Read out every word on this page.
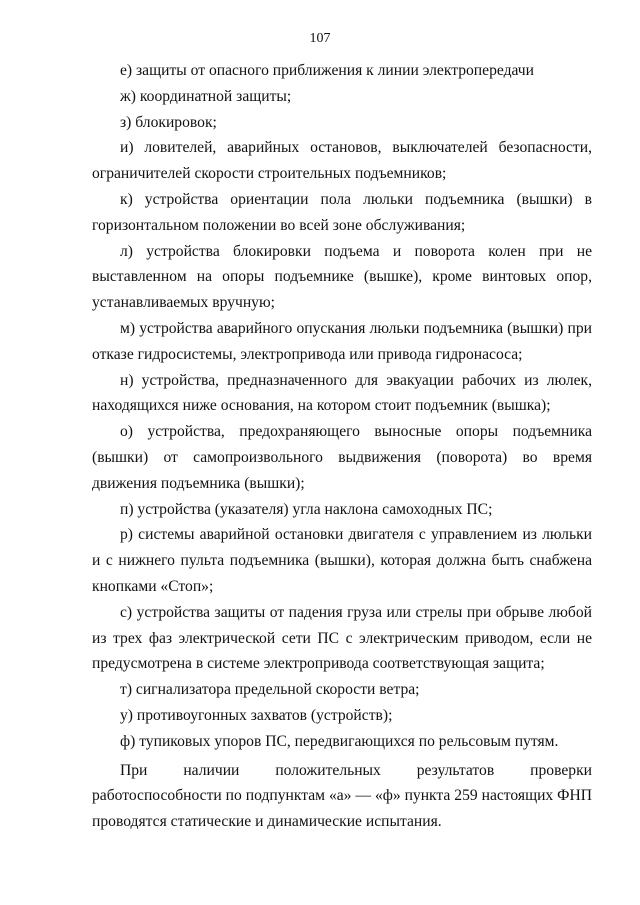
107

е) защиты от опасного приближения к линии электропередачи

ж) координатной защиты;

з) блокировок;

и) ловителей, аварийных остановов, выключателей безопасности, ограничителей скорости строительных подъемников;

к) устройства ориентации пола люльки подъемника (вышки) в горизонтальном положении во всей зоне обслуживания;

л) устройства блокировки подъема и поворота колен при не выставленном на опоры подъемнике (вышке), кроме винтовых опор, устанавливаемых вручную;

м) устройства аварийного опускания люльки подъемника (вышки) при отказе гидросистемы, электропривода или привода гидронасоса;

н) устройства, предназначенного для эвакуации рабочих из люлек, находящихся ниже основания, на котором стоит подъемник (вышка);

о) устройства, предохраняющего выносные опоры подъемника (вышки) от самопроизвольного выдвижения (поворота) во время движения подъемника (вышки);

п) устройства (указателя) угла наклона самоходных ПС;

р) системы аварийной остановки двигателя с управлением из люльки и с нижнего пульта подъемника (вышки), которая должна быть снабжена кнопками «Стоп»;

с) устройства защиты от падения груза или стрелы при обрыве любой из трех фаз электрической сети ПС с электрическим приводом, если не предусмотрена в системе электропривода соответствующая защита;

т) сигнализатора предельной скорости ветра;

у) противоугонных захватов (устройств);

ф) тупиковых упоров ПС, передвигающихся по рельсовым путям.

При наличии положительных результатов проверки работоспособности по подпунктам «а» — «ф» пункта 259 настоящих ФНП проводятся статические и динамические испытания.
